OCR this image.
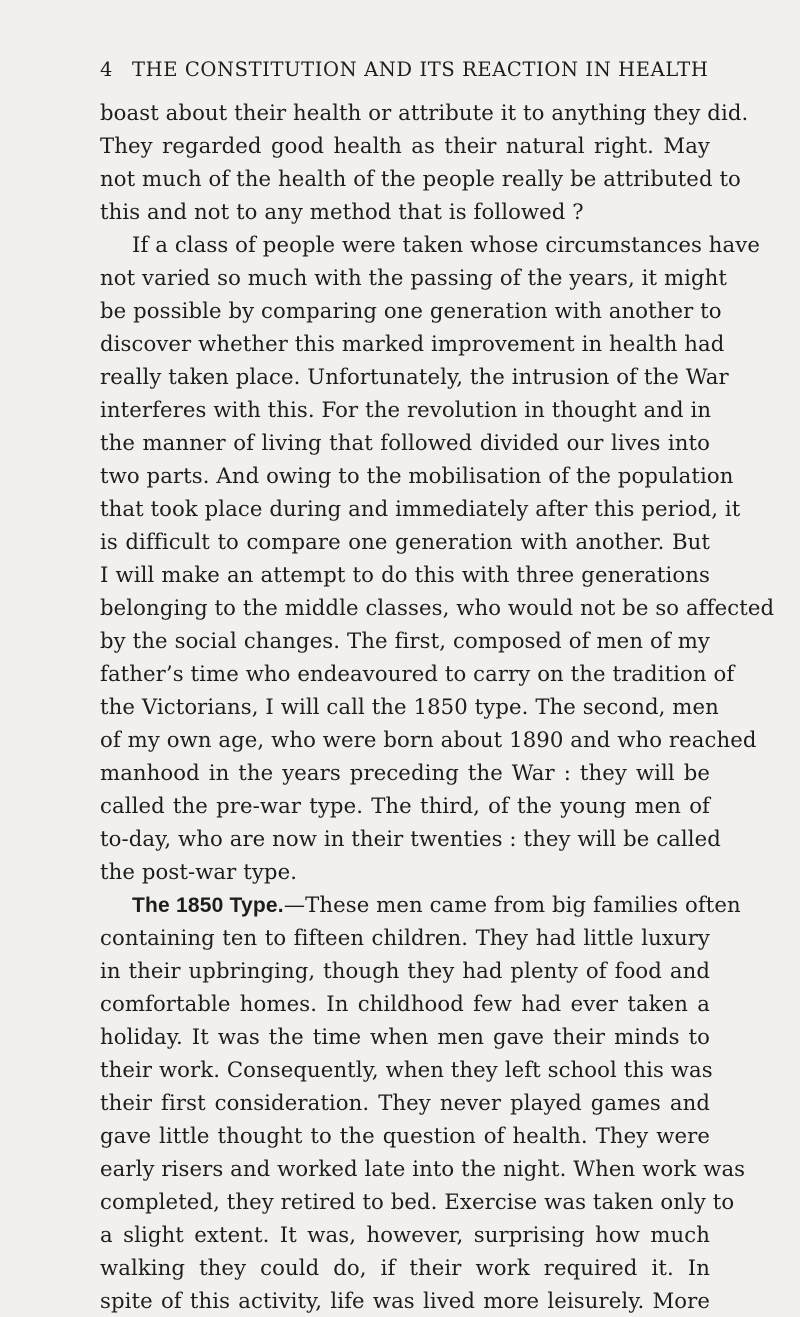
4 THE CONSTITUTION AND ITS REACTION IN HEALTH
boast about their health or attribute it to anything they did.
They regarded good health as their natural right. May
not much of the health of the people really be attributed to
this and not to any method that is followed ?
If a class of people were taken whose circumstances have
not varied so much with the passing of the years, it might
be possible by comparing one generation with another to
discover whether this marked improvement in health had
really taken place. Unfortunately, the intrusion of the War
interferes with this. For the revolution in thought and in
the manner of living that followed divided our lives into
two parts. And owing to the mobilisation of the population
that took place during and immediately after this period, it
is difficult to compare one generation with another. But
I will make an attempt to do this with three generations
belonging to the middle classes, who would not be so affected
by the social changes. The first, composed of men of my
father’s time who endeavoured to carry on the tradition of
the Victorians, I will call the 1850 type. The second, men
of my own age, who were born about 1890 and who reached
manhood in the years preceding the War : they will be
called the pre-war type. The third, of the young men of
to-day, who are now in their twenties : they will be called
the post-war type.
The 1850 Type.—These men came from big families often
containing ten to fifteen children. They had little luxury
in their upbringing, though they had plenty of food and
comfortable homes. In childhood few had ever taken a
holiday. It was the time when men gave their minds to
their work. Consequently, when they left school this was
their first consideration. They never played games and
gave little thought to the question of health. They were
early risers and worked late into the night. When work was
completed, they retired to bed. Exercise was taken only to
a slight extent. It was, however, surprising how much
walking they could do, if their work required it. In
spite of this activity, life was lived more leisurely. More
